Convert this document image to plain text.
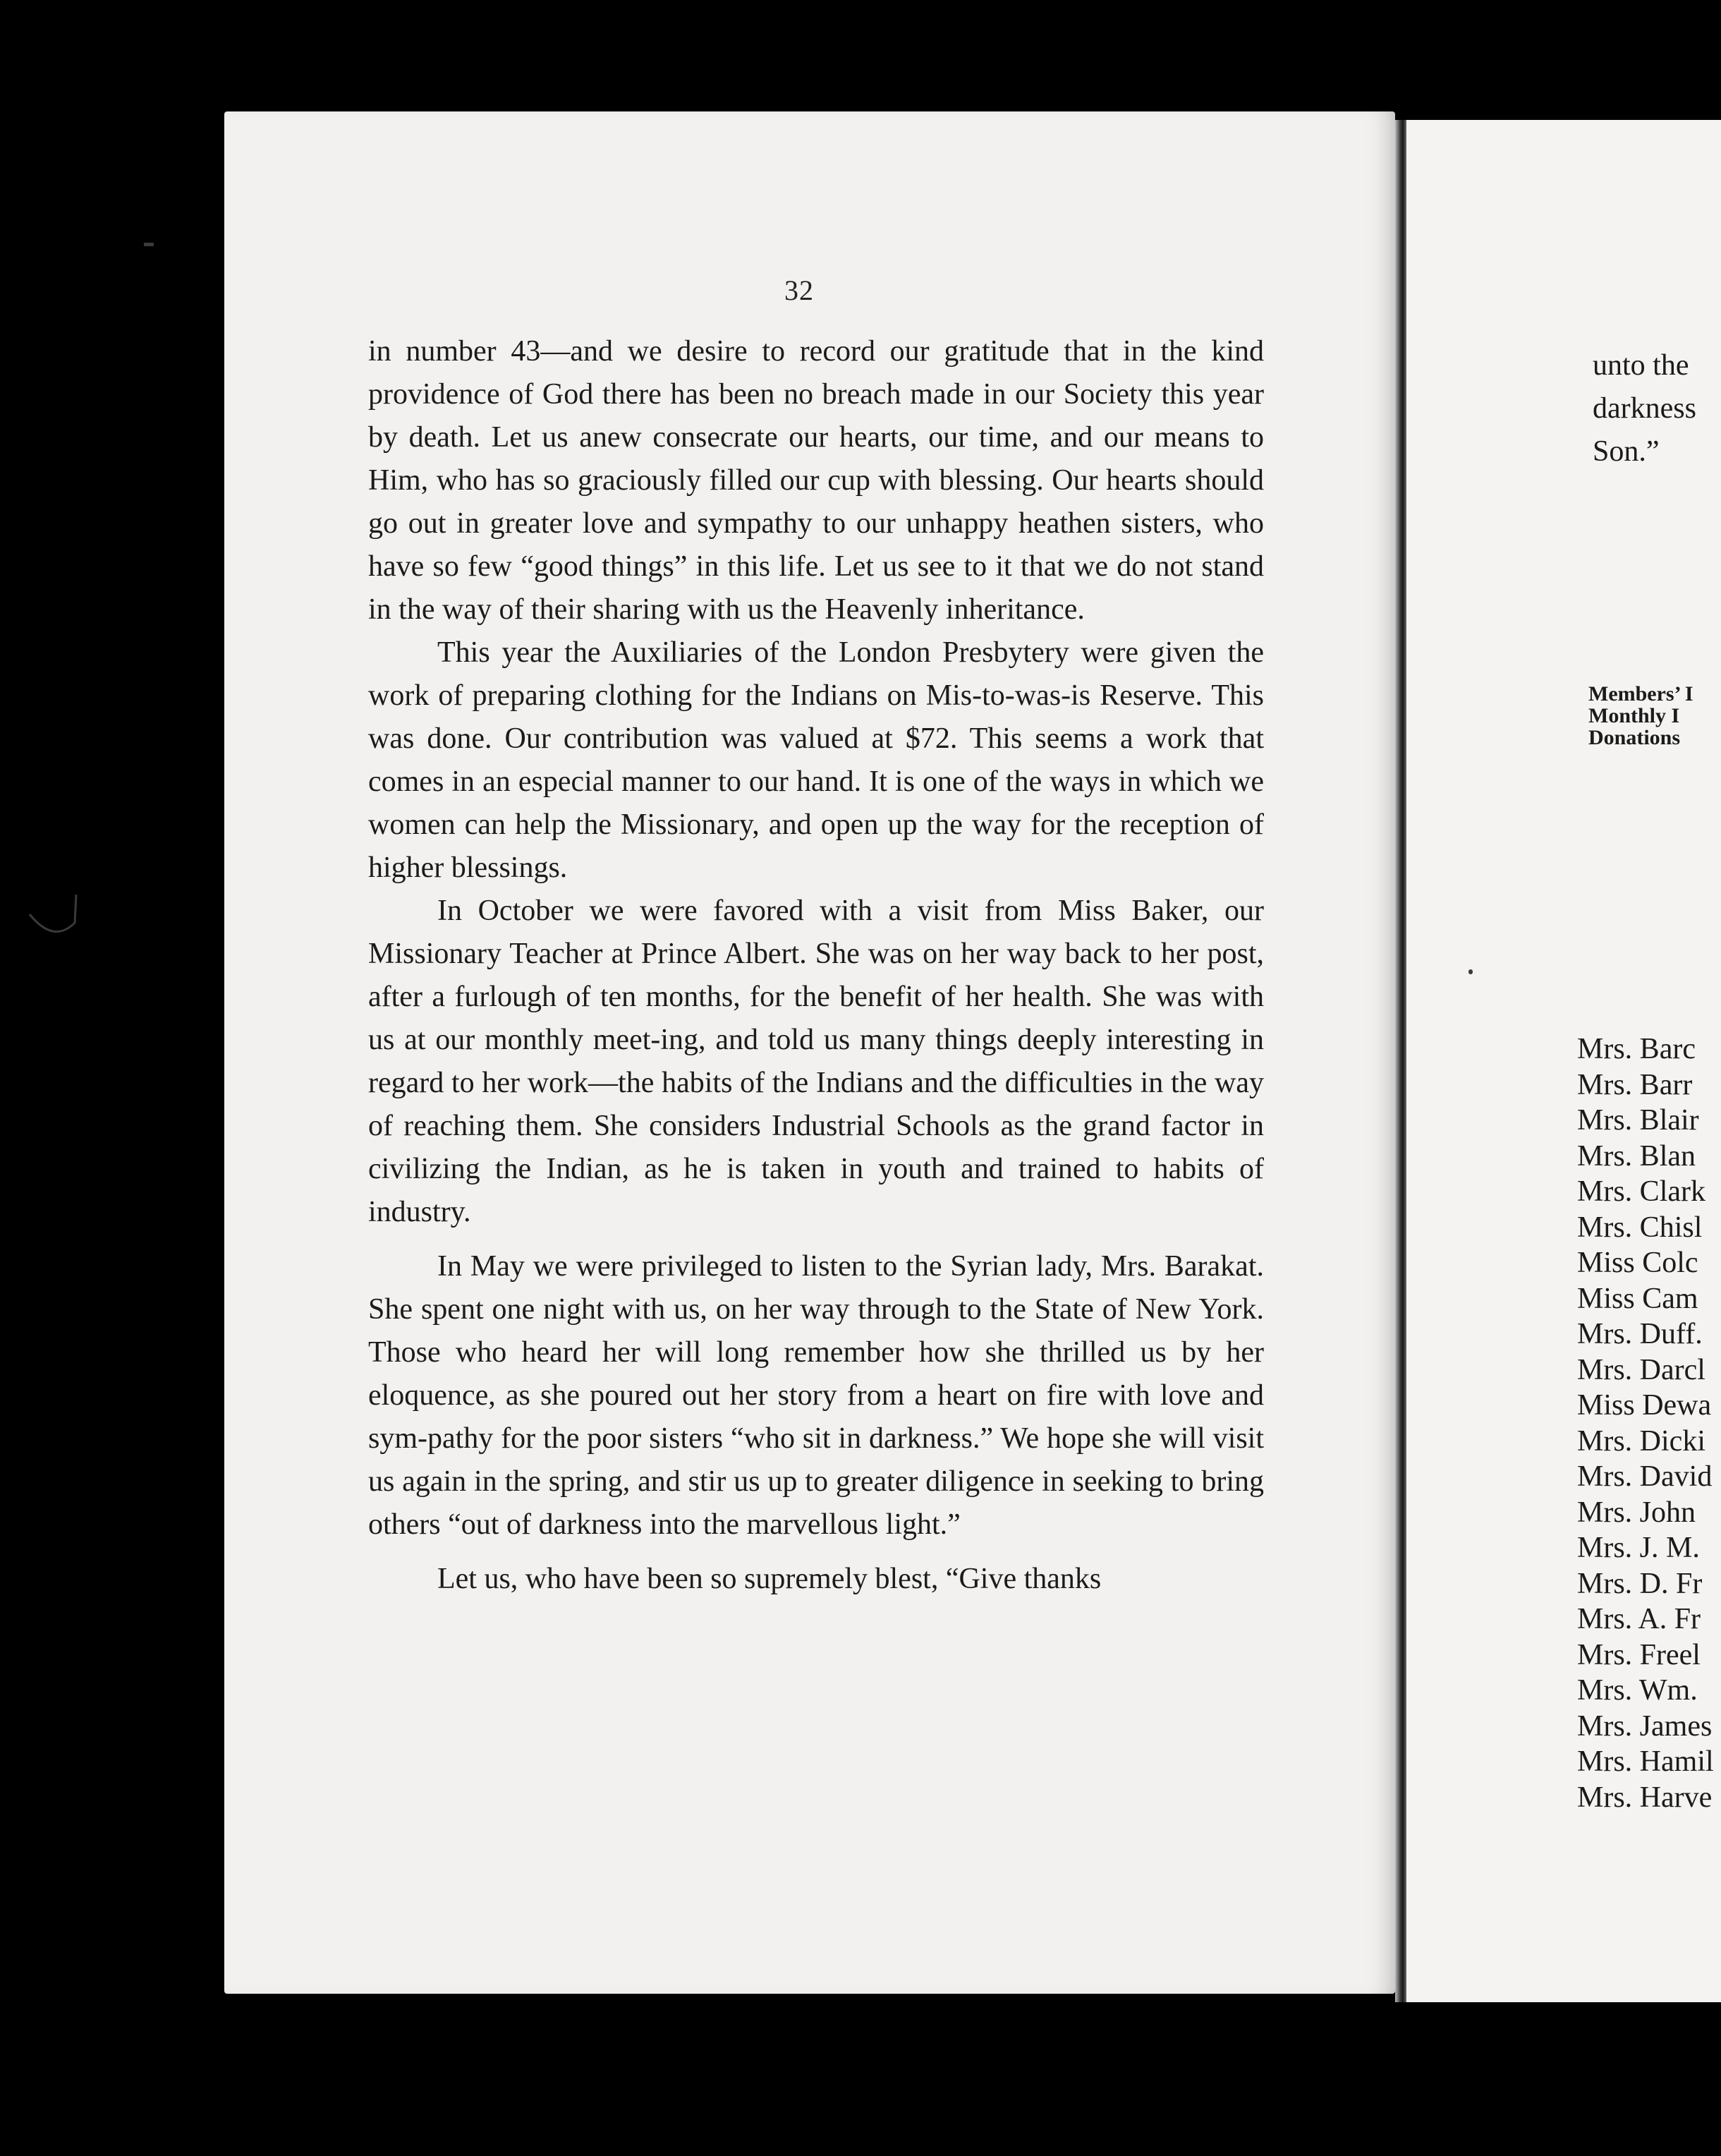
32

in number 43—and we desire to record our gratitude that in the kind providence of God there has been no breach made in our Society this year by death. Let us anew consecrate our hearts, our time, and our means to Him, who has so graciously filled our cup with blessing. Our hearts should go out in greater love and sympathy to our unhappy heathen sisters, who have so few “good things” in this life. Let us see to it that we do not stand in the way of their sharing with us the Heavenly inheritance.

This year the Auxiliaries of the London Presbytery were given the work of preparing clothing for the Indians on Mis-to-was-is Reserve. This was done. Our contribution was valued at $72. This seems a work that comes in an especial manner to our hand. It is one of the ways in which we women can help the Missionary, and open up the way for the reception of higher blessings.

In October we were favored with a visit from Miss Baker, our Missionary Teacher at Prince Albert. She was on her way back to her post, after a furlough of ten months, for the benefit of her health. She was with us at our monthly meet-ing, and told us many things deeply interesting in regard to her work—the habits of the Indians and the difficulties in the way of reaching them. She considers Industrial Schools as the grand factor in civilizing the Indian, as he is taken in youth and trained to habits of industry.

In May we were privileged to listen to the Syrian lady, Mrs. Barakat. She spent one night with us, on her way through to the State of New York. Those who heard her will long remember how she thrilled us by her eloquence, as she poured out her story from a heart on fire with love and sym-pathy for the poor sisters “who sit in darkness.” We hope she will visit us again in the spring, and stir us up to greater diligence in seeking to bring others “out of darkness into the marvellous light.”

Let us, who have been so supremely blest, “Give thanks

unto the
darkness
Son.”
Members’ I
Monthly I
Donations
Mrs. Barc
Mrs. Barr
Mrs. Blair
Mrs. Blan
Mrs. Clark
Mrs. Chisl
Miss Colc
Miss Cam
Mrs. Duff.
Mrs. Darcl
Miss Dewa
Mrs. Dicki
Mrs. David
Mrs. John
Mrs. J. M.
Mrs. D. Fr
Mrs. A. Fr
Mrs. Freel
Mrs. Wm.
Mrs. James
Mrs. Hamil
Mrs. Harve
